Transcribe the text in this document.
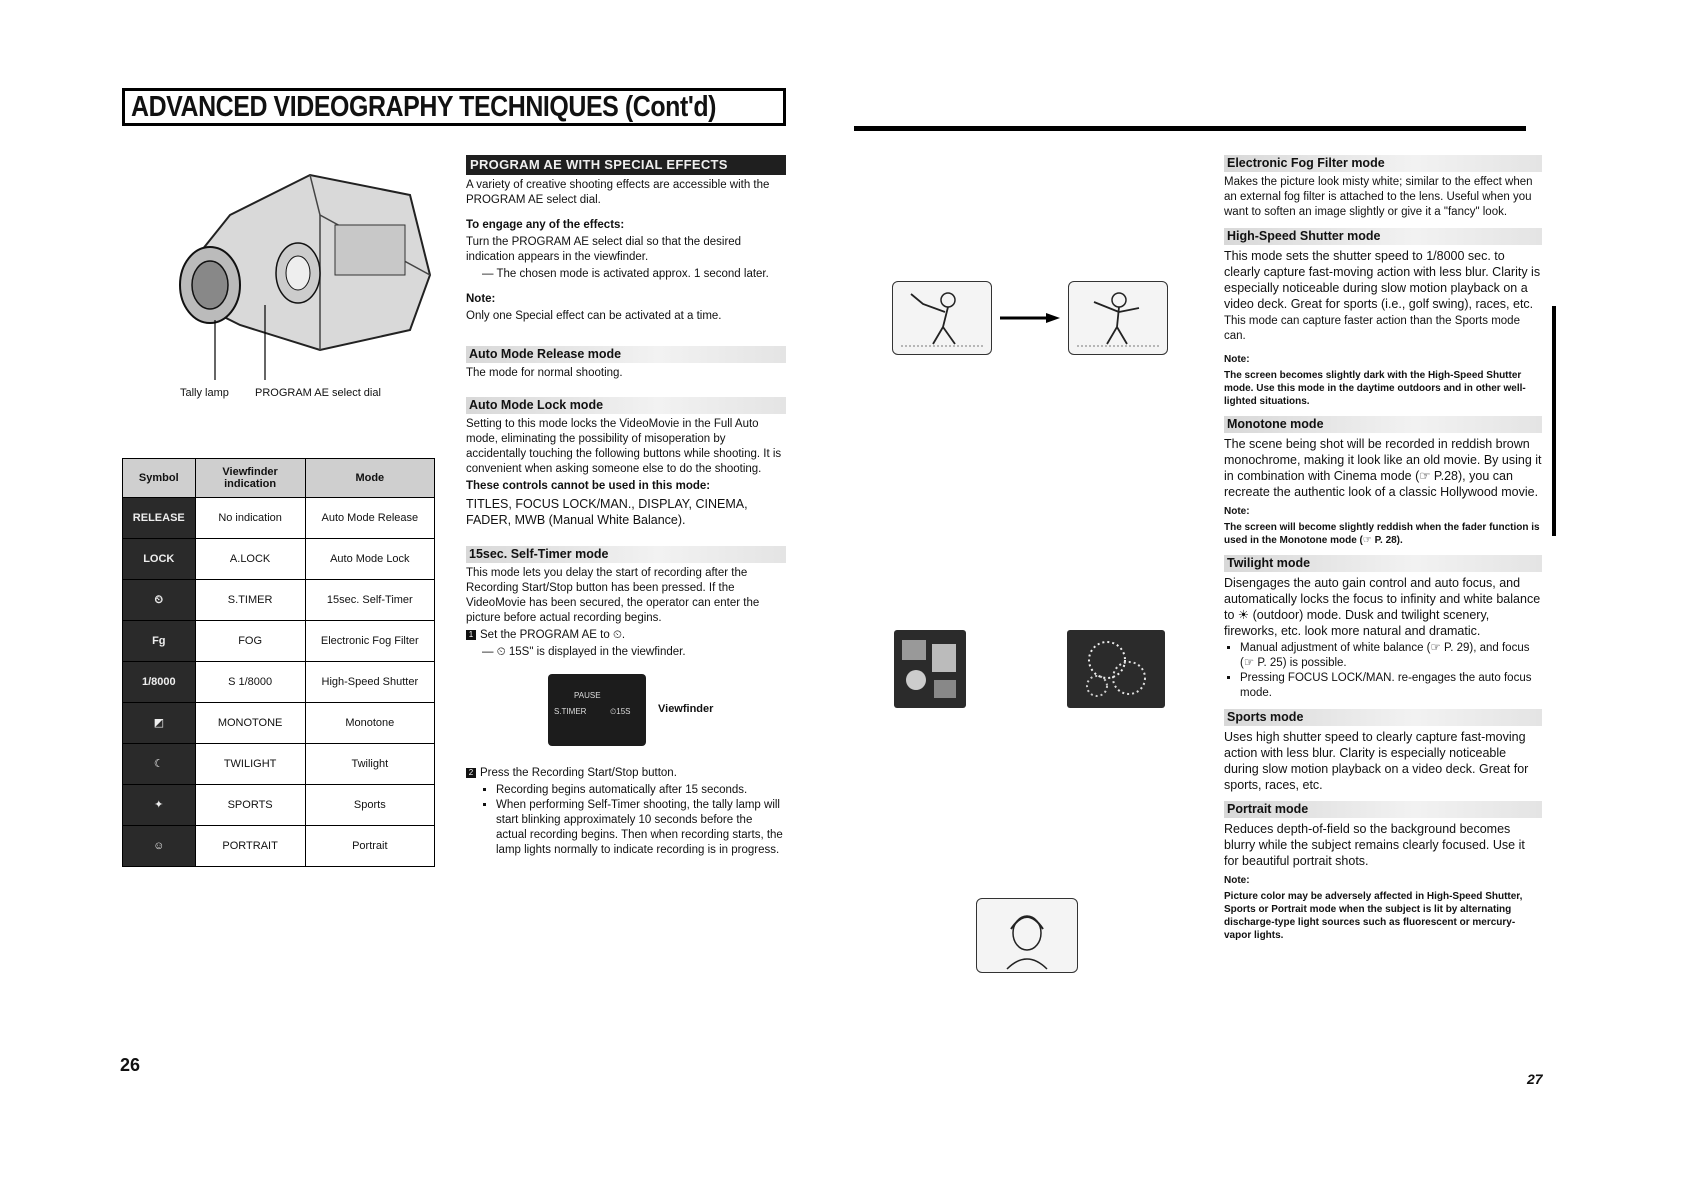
ADVANCED VIDEOGRAPHY TECHNIQUES (Cont'd)
Tally lamp PROGRAM AE select dial
Symbol	Viewfinder indication	Mode
RELEASE	No indication	Auto Mode Release
LOCK	A.LOCK	Auto Mode Lock
⏲	S.TIMER	15sec. Self-Timer
Fg	FOG	Electronic Fog Filter
1/8000	S 1/8000	High-Speed Shutter
◩	MONOTONE	Monotone
☾	TWILIGHT	Twilight
✦	SPORTS	Sports
☺	PORTRAIT	Portrait
26
PROGRAM AE WITH SPECIAL EFFECTS

A variety of creative shooting effects are accessible with the PROGRAM AE select dial.

To engage any of the effects:

Turn the PROGRAM AE select dial so that the desired indication appears in the viewfinder.

— The chosen mode is activated approx. 1 second later.

Note:

Only one Special effect can be activated at a time.

Auto Mode Release mode

The mode for normal shooting.

Auto Mode Lock mode

Setting to this mode locks the VideoMovie in the Full Auto mode, eliminating the possibility of misoperation by accidentally touching the following buttons while shooting. It is convenient when asking someone else to do the shooting.

These controls cannot be used in this mode:

TITLES, FOCUS LOCK/MAN., DISPLAY, CINEMA, FADER, MWB (Manual White Balance).

15sec. Self-Timer mode

This mode lets you delay the start of recording after the Recording Start/Stop button has been pressed. If the VideoMovie has been secured, the operator can enter the picture before actual recording begins.

1 Set the PROGRAM AE to ⏲.

— ⏲ 15S" is displayed in the viewfinder.

PAUSE
S.TIMER	⏲15S	Viewfinder

2 Press the Recording Start/Stop button.

▪ Recording begins automatically after 15 seconds.
▪ When performing Self-Timer shooting, the tally lamp will start blinking approximately 10 seconds before the actual recording begins. Then when recording starts, the lamp lights normally to indicate recording is in progress.
Electronic Fog Filter mode

Makes the picture look misty white; similar to the effect when an external fog filter is attached to the lens. Useful when you want to soften an image slightly or give it a "fancy" look.

High-Speed Shutter mode

This mode sets the shutter speed to 1/8000 sec. to clearly capture fast-moving action with less blur. Clarity is especially noticeable during slow motion playback on a video deck. Great for sports (i.e., golf swing), races, etc.

This mode can capture faster action than the Sports mode can.

Note:

The screen becomes slightly dark with the High-Speed Shutter mode. Use this mode in the daytime outdoors and in other well-lighted situations.

Monotone mode

The scene being shot will be recorded in reddish brown monochrome, making it look like an old movie. By using it in combination with Cinema mode (☞ P.28), you can recreate the authentic look of a classic Hollywood movie.

Note:

The screen will become slightly reddish when the fader function is used in the Monotone mode (☞ P. 28).

Twilight mode

Disengages the auto gain control and auto focus, and automatically locks the focus to infinity and white balance to ☀ (outdoor) mode. Dusk and twilight scenery, fireworks, etc. look more natural and dramatic.

▪ Manual adjustment of white balance (☞ P. 29), and focus (☞ P. 25) is possible.
▪ Pressing FOCUS LOCK/MAN. re-engages the auto focus mode.
Sports mode

Uses high shutter speed to clearly capture fast-moving action with less blur. Clarity is especially noticeable during slow motion playback on a video deck. Great for sports, races, etc.

Portrait mode

Reduces depth-of-field so the background becomes blurry while the subject remains clearly focused. Use it for beautiful portrait shots.

Note:

Picture color may be adversely affected in High-Speed Shutter, Sports or Portrait mode when the subject is lit by alternating discharge-type light sources such as fluorescent or mercury-vapor lights.

27
